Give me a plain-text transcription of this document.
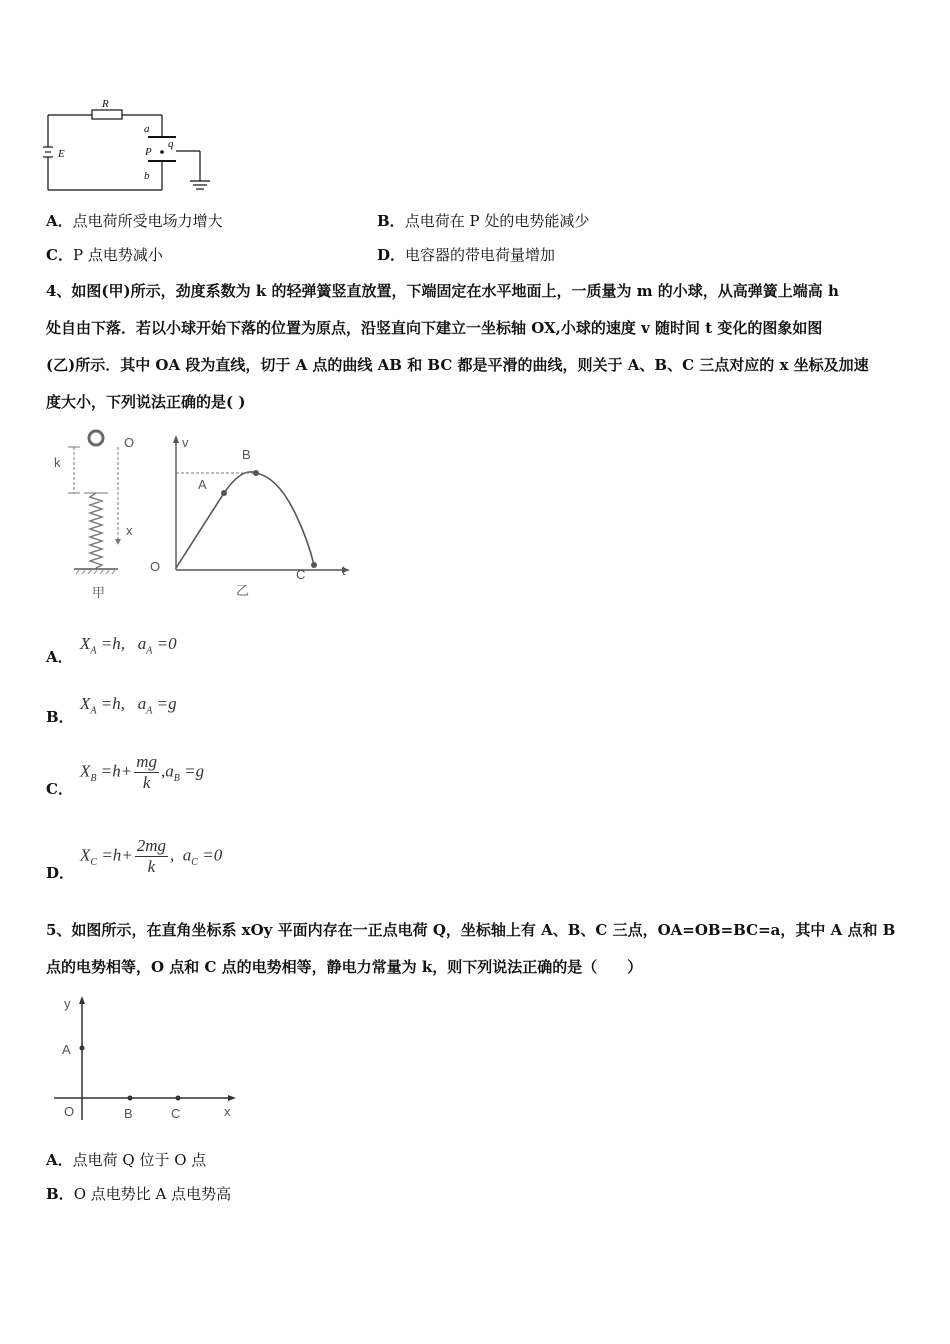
R
E
a
P
q
b
A．点电荷所受电场力增大	B．点电荷在 P 处的电势能减少
C．P 点电势减小	D．电容器的带电荷量增加
4、如图(甲)所示，劲度系数为 k 的轻弹簧竖直放置，下端固定在水平地面上，一质量为 m 的小球，从高弹簧上端高 h
处自由下落．若以小球开始下落的位置为原点，沿竖直向下建立一坐标轴 OX,小球的速度 v 随时间 t 变化的图象如图
(乙)所示．其中 OA 段为直线，切于 A 点的曲线 AB 和 BC 都是平滑的曲线，则关于 A、B、C 三点对应的 x 坐标及加速
度大小，下列说法正确的是( )
k
O
x
甲
v
O	t
B
A
C
乙
A．
$X_A =h$, $a_A =0$
B．
$X_A =h$, $a_A =g$
C．
$X_B =h+ \frac{mg}{k} ,a_B =g$
D．
$X_C =h+ \frac{2mg}{k}$ , $a_C =0$
5、如图所示，在直角坐标系 xOy 平面内存在一正点电荷 Q，坐标轴上有 A、B、C 三点，OA=OB=BC=a，其中 A 点和 B
点的电势相等，O 点和 C 点的电势相等，静电力常量为 k，则下列说法正确的是（　　）
y
A
O	B	C	x
A．点电荷 Q 位于 O 点
B．O 点电势比 A 点电势高
